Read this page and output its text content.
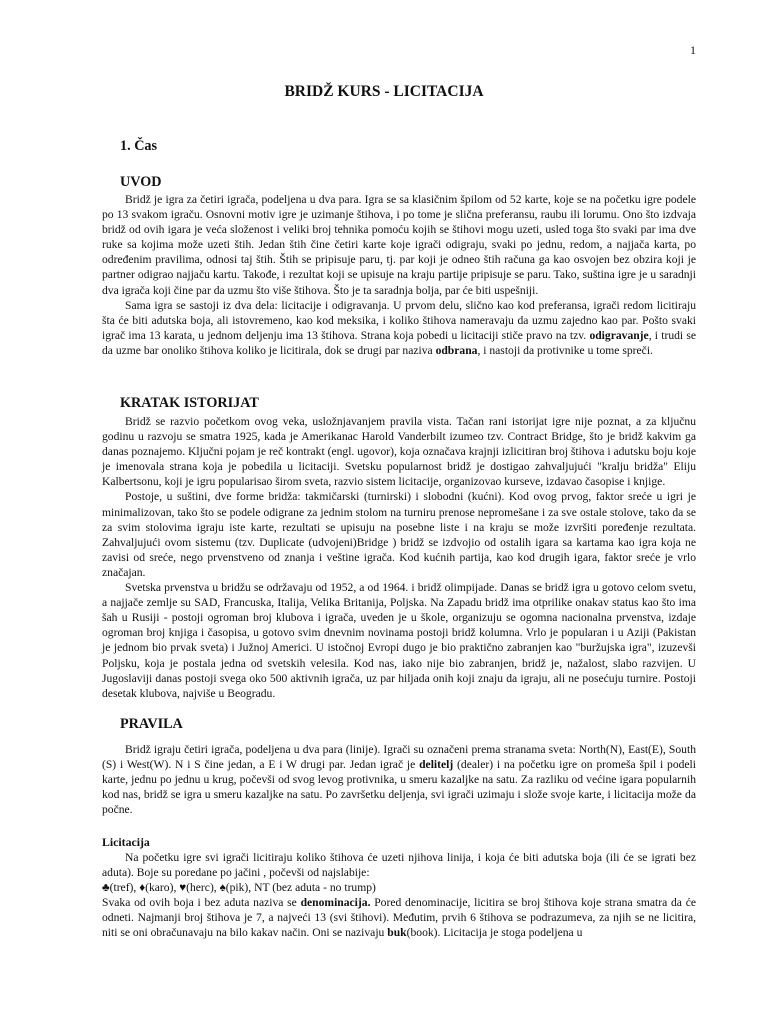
1
BRIDŽ KURS - LICITACIJA
1. Čas
UVOD

Bridž je igra za četiri igrača, podeljena u dva para. Igra se sa klasičnim špilom od 52 karte, koje se na početku igre podele po 13 svakom igraču. Osnovni motiv igre je uzimanje štihova, i po tome je slična preferansu, raubu ili lorumu. Ono što izdvaja bridž od ovih igara je veća složenost i veliki broj tehnika pomoću kojih se štihovi mogu uzeti, usled toga što svaki par ima dve ruke sa kojima može uzeti štih. Jedan štih čine četiri karte koje igrači odigraju, svaki po jednu, redom, a najjača karta, po određenim pravilima, odnosi taj štih. Štih se pripisuje paru, tj. par koji je odneo štih računa ga kao osvojen bez obzira koji je partner odigrao najjaču kartu. Takođe, i rezultat koji se upisuje na kraju partije pripisuje se paru. Tako, suština igre je u saradnji dva igrača koji čine par da uzmu što više štihova. Što je ta saradnja bolja, par će biti uspešniji.

Sama igra se sastoji iz dva dela: licitacije i odigravanja. U prvom delu, slično kao kod preferansa, igrači redom licitiraju šta će biti adutska boja, ali istovremeno, kao kod meksika, i koliko štihova nameravaju da uzmu zajedno kao par. Pošto svaki igrač ima 13 karata, u jednom deljenju ima 13 štihova. Strana koja pobedi u licitaciji stiče pravo na tzv. odigravanje, i trudi se da uzme bar onoliko štihova koliko je licitirala, dok se drugi par naziva odbrana, i nastoji da protivnike u tome spreči.

KRATAK ISTORIJAT

Bridž se razvio početkom ovog veka, usložnjavanjem pravila vista. Tačan rani istorijat igre nije poznat, a za ključnu godinu u razvoju se smatra 1925, kada je Amerikanac Harold Vanderbilt izumeo tzv. Contract Bridge, što je bridž kakvim ga danas poznajemo. Ključni pojam je reč kontrakt (engl. ugovor), koja označava krajnji izlicitiran broj štihova i adutsku boju koje je imenovala strana koja je pobedila u licitaciji. Svetsku popularnost bridž je dostigao zahvaljujući "kralju bridža" Eliju Kalbertsonu, koji je igru popularisao širom sveta, razvio sistem licitacije, organizovao kurseve, izdavao časopise i knjige.

Postoje, u suštini, dve forme bridža: takmičarski (turnirski) i slobodni (kućni). Kod ovog prvog, faktor sreće u igri je minimalizovan, tako što se podele odigrane za jednim stolom na turniru prenose nepromešane i za sve ostale stolove, tako da se za svim stolovima igraju iste karte, rezultati se upisuju na posebne liste i na kraju se može izvršiti poređenje rezultata. Zahvaljujući ovom sistemu (tzv. Duplicate (udvojeni)Bridge ) bridž se izdvojio od ostalih igara sa kartama kao igra koja ne zavisi od sreće, nego prvenstveno od znanja i veštine igrača. Kod kućnih partija, kao kod drugih igara, faktor sreće je vrlo značajan.

Svetska prvenstva u bridžu se održavaju od 1952, a od 1964. i bridž olimpijade. Danas se bridž igra u gotovo celom svetu, a najjače zemlje su SAD, Francuska, Italija, Velika Britanija, Poljska. Na Zapadu bridž ima otprilike onakav status kao što ima šah u Rusiji - postoji ogroman broj klubova i igrača, uveden je u škole, organizuju se ogomna nacionalna prvenstva, izdaje ogroman broj knjiga i časopisa, u gotovo svim dnevnim novinama postoji bridž kolumna. Vrlo je popularan i u Aziji (Pakistan je jednom bio prvak sveta) i Južnoj Americi. U istočnoj Evropi dugo je bio praktično zabranjen kao "buržujska igra", izuzevši Poljsku, koja je postala jedna od svetskih velesila. Kod nas, iako nije bio zabranjen, bridž je, nažalost, slabo razvijen. U Jugoslaviji danas postoji svega oko 500 aktivnih igrača, uz par hiljada onih koji znaju da igraju, ali ne posećuju turnire. Postoji desetak klubova, najviše u Beogradu.

PRAVILA

Bridž igraju četiri igrača, podeljena u dva para (linije). Igrači su označeni prema stranama sveta: North(N), East(E), South (S) i West(W). N i S čine jedan, a E i W drugi par. Jedan igrač je delitelj (dealer) i na početku igre on promeša špil i podeli karte, jednu po jednu u krug, počevši od svog levog protivnika, u smeru kazaljke na satu. Za razliku od većine igara popularnih kod nas, bridž se igra u smeru kazaljke na satu. Po završetku deljenja, svi igrači uzimaju i slože svoje karte, i licitacija može da počne.

Licitacija

Na početku igre svi igrači licitiraju koliko štihova će uzeti njihova linija, i koja će biti adutska boja (ili će se igrati bez aduta). Boje su poredane po jačini , počevši od najslabije:

♣(tref), ♦(karo), ♥(herc), ♠(pik), NT (bez aduta - no trump)

Svaka od ovih boja i bez aduta naziva se denominacija. Pored denominacije, licitira se broj štihova koje strana smatra da će odneti. Najmanji broj štihova je 7, a najveći 13 (svi štihovi). Međutim, prvih 6 štihova se podrazumeva, za njih se ne licitira, niti se oni obračunavaju na bilo kakav način. Oni se nazivaju buk(book). Licitacija je stoga podeljena u
